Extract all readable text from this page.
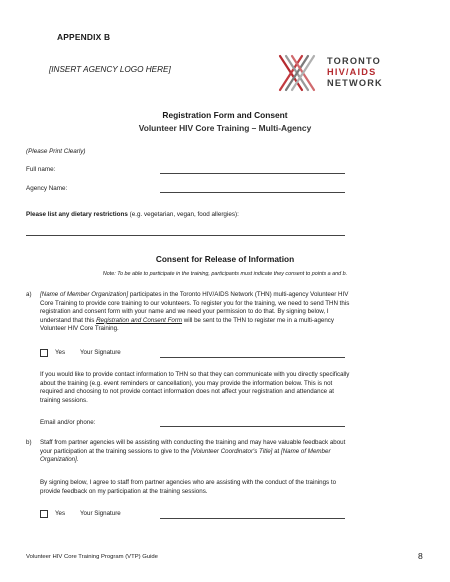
APPENDIX B
[INSERT AGENCY LOGO HERE]
TORONTO
HIV/AIDS
NETWORK
Registration Form and Consent
Volunteer HIV Core Training – Multi-Agency
(Please Print Clearly)
Full name:
Agency Name:
Please list any dietary restrictions (e.g. vegetarian, vegan, food allergies):
Consent for Release of Information
Note: To be able to participate in the training, participants must indicate they consent to points a and b.
a) [Name of Member Organization] participates in the Toronto HIV/AIDS Network (THN) multi-agency Volunteer HIV
Core Training to provide core training to our volunteers. To register you for the training, we need to send THN this
registration and consent form with your name and we need your permission to do that. By signing below, I
understand that this Registration and Consent Form will be sent to the THN to register me in a multi-agency
Volunteer HIV Core Training.
Yes Your Signature
If you would like to provide contact information to THN so that they can communicate with you directly specifically
about the training (e.g. event reminders or cancellation), you may provide the information below. This is not
required and choosing to not provide contact information does not affect your registration and attendance at
training sessions.
Email and/or phone:
b) Staff from partner agencies will be assisting with conducting the training and may have valuable feedback about
your participation at the training sessions to give to the [Volunteer Coordinator's Title] at [Name of Member
Organization].
By signing below, I agree to staff from partner agencies who are assisting with the conduct of the trainings to
provide feedback on my participation at the training sessions.
Yes Your Signature
Volunteer HIV Core Training Program (VTP) Guide	8
